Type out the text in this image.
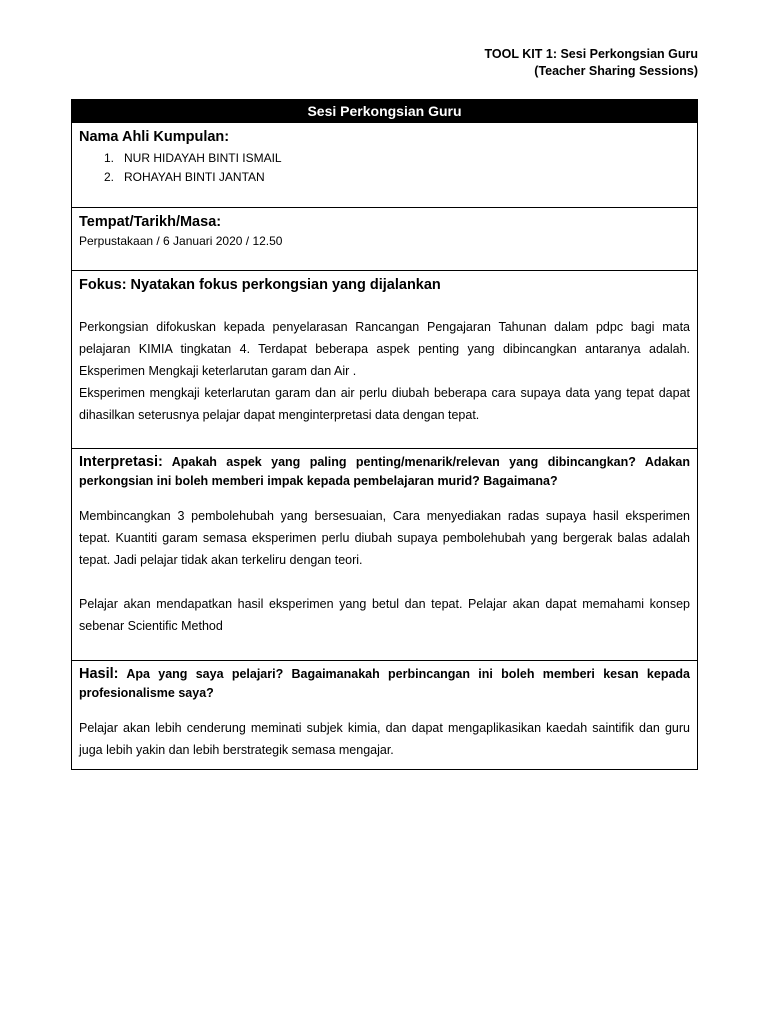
TOOL KIT 1: Sesi Perkongsian Guru
(Teacher Sharing Sessions)
Sesi Perkongsian Guru
Nama Ahli Kumpulan:
1. NUR HIDAYAH BINTI ISMAIL
2. ROHAYAH BINTI JANTAN
Tempat/Tarikh/Masa:
Perpustakaan / 6 Januari 2020 / 12.50
Fokus: Nyatakan fokus perkongsian yang dijalankan

Perkongsian difokuskan kepada penyelarasan Rancangan Pengajaran Tahunan dalam pdpc bagi mata pelajaran KIMIA tingkatan 4. Terdapat beberapa aspek penting yang dibincangkan antaranya adalah. Eksperimen Mengkaji keterlarutan garam dan Air .

Eksperimen mengkaji keterlarutan garam dan air perlu diubah beberapa cara supaya data yang tepat dapat dihasilkan seterusnya pelajar dapat menginterpretasi data dengan tepat.

Interpretasi: Apakah aspek yang paling penting/menarik/relevan yang dibincangkan? Adakan perkongsian ini boleh memberi impak kepada pembelajaran murid? Bagaimana?

Membincangkan 3 pembolehubah yang bersesuaian, Cara menyediakan radas supaya hasil eksperimen tepat. Kuantiti garam semasa eksperimen perlu diubah supaya pembolehubah yang bergerak balas adalah tepat. Jadi pelajar tidak akan terkeliru dengan teori.

Pelajar akan mendapatkan hasil eksperimen yang betul dan tepat. Pelajar akan dapat memahami konsep sebenar Scientific Method

Hasil: Apa yang saya pelajari? Bagaimanakah perbincangan ini boleh memberi kesan kepada profesionalisme saya?

Pelajar akan lebih cenderung meminati subjek kimia, dan dapat mengaplikasikan kaedah saintifik dan guru juga lebih yakin dan lebih berstrategik semasa mengajar.
